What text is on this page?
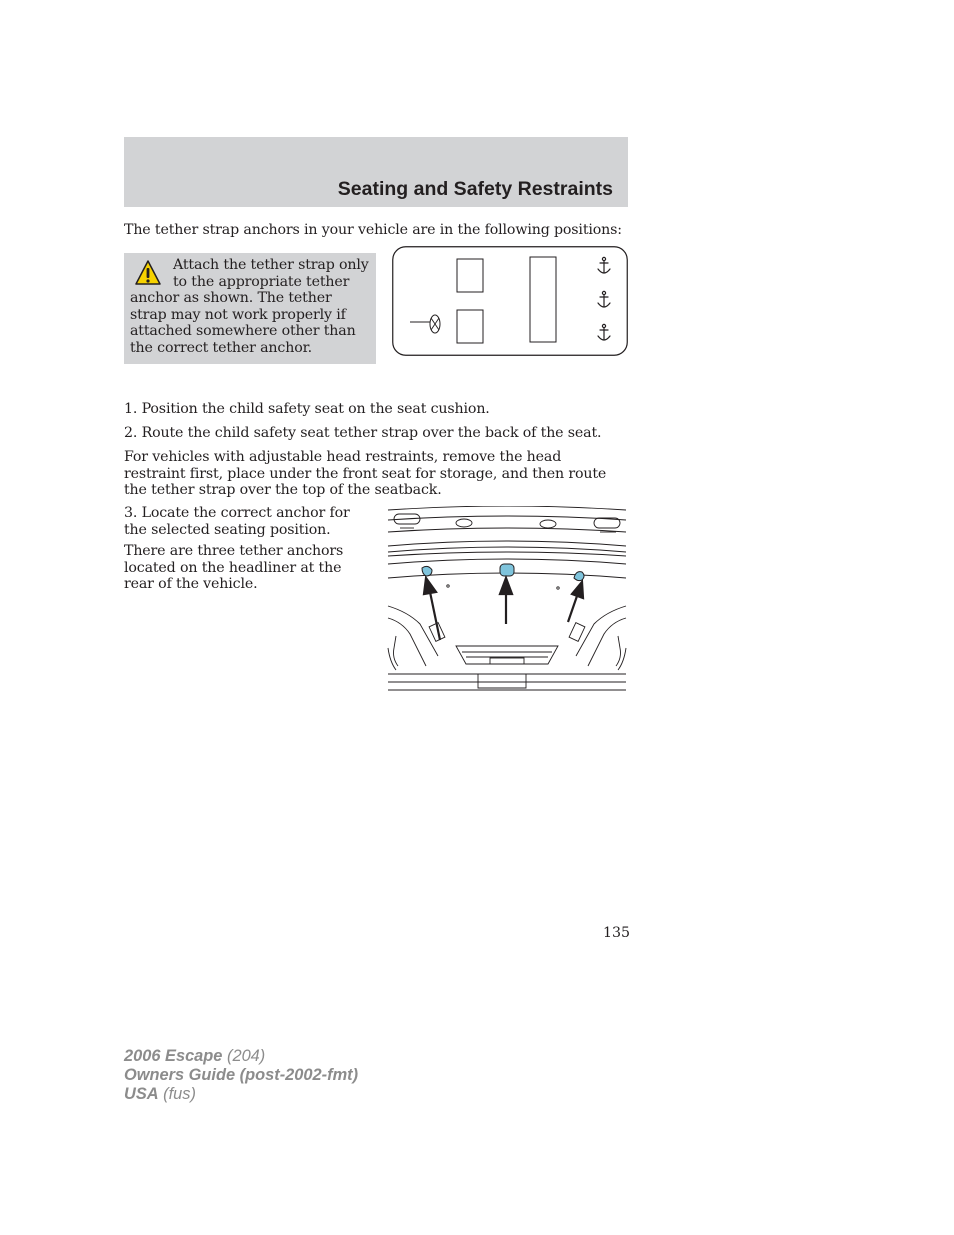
Seating and Safety Restraints

The tether strap anchors in your vehicle are in the following positions:

Attach the tether strap only to the appropriate tether anchor as shown. The tether strap may not work properly if attached somewhere other than the correct tether anchor.

1. Position the child safety seat on the seat cushion.

2. Route the child safety seat tether strap over the back of the seat.

For vehicles with adjustable head restraints, remove the head restraint first, place under the front seat for storage, and then route the tether strap over the top of the seatback.

3. Locate the correct anchor for the selected seating position.

There are three tether anchors located on the headliner at the rear of the vehicle.

135

2006 Escape (204)
Owners Guide (post-2002-fmt)
USA (fus)
